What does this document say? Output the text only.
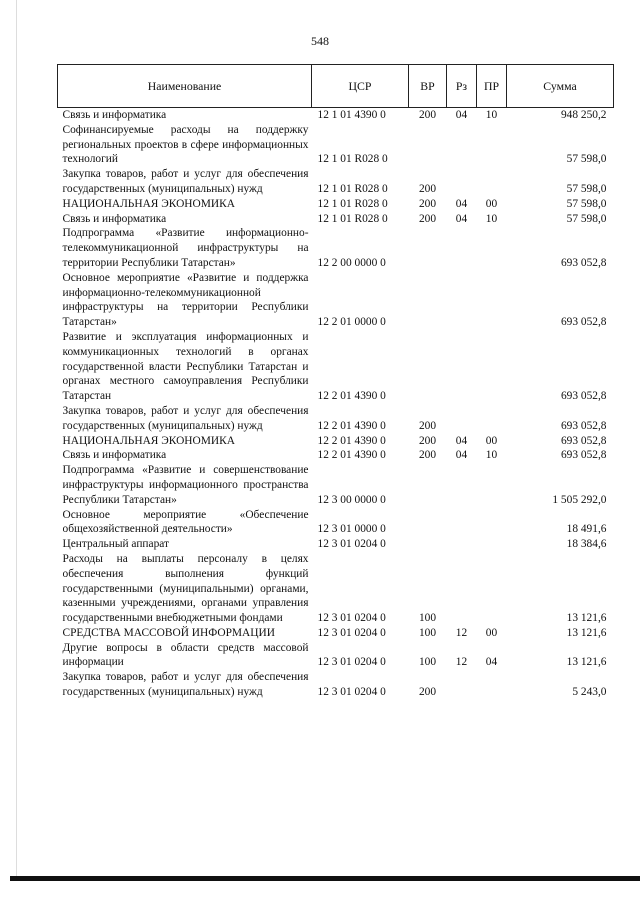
548
Наименование	ЦСР	ВР	Рз	ПР	Сумма
Связь и информатика	12 1 01 4390 0	200	04	10	948 250,2
Софинансируемые расходы на поддержку региональных проектов в сфере информационных технологий	12 1 01 R028 0				57 598,0
Закупка товаров, работ и услуг для обеспечения государственных (муниципальных) нужд	12 1 01 R028 0	200			57 598,0
НАЦИОНАЛЬНАЯ ЭКОНОМИКА	12 1 01 R028 0	200	04	00	57 598,0
Связь и информатика	12 1 01 R028 0	200	04	10	57 598,0
Подпрограмма «Развитие информационно-телекоммуникационной инфраструктуры на территории Республики Татарстан»	12 2 00 0000 0				693 052,8
Основное мероприятие «Развитие и поддержка информационно-телекоммуникационной инфраструктуры на территории Республики Татарстан»	12 2 01 0000 0				693 052,8
Развитие и эксплуатация информационных и коммуникационных технологий в органах государственной власти Республики Татарстан и органах местного самоуправления Республики Татарстан	12 2 01 4390 0				693 052,8
Закупка товаров, работ и услуг для обеспечения государственных (муниципальных) нужд	12 2 01 4390 0	200			693 052,8
НАЦИОНАЛЬНАЯ ЭКОНОМИКА	12 2 01 4390 0	200	04	00	693 052,8
Связь и информатика	12 2 01 4390 0	200	04	10	693 052,8
Подпрограмма «Развитие и совершенствование инфраструктуры информационного пространства Республики Татарстан»	12 3 00 0000 0				1 505 292,0
Основное мероприятие «Обеспечение общехозяйственной деятельности»	12 3 01 0000 0				18 491,6
Центральный аппарат	12 3 01 0204 0				18 384,6
Расходы на выплаты персоналу в целях обеспечения выполнения функций государственными (муниципальными) органами, казенными учреждениями, органами управления государственными внебюджетными фондами	12 3 01 0204 0	100			13 121,6
СРЕДСТВА МАССОВОЙ ИНФОРМАЦИИ	12 3 01 0204 0	100	12	00	13 121,6
Другие вопросы в области средств массовой информации	12 3 01 0204 0	100	12	04	13 121,6
Закупка товаров, работ и услуг для обеспечения государственных (муниципальных) нужд	12 3 01 0204 0	200			5 243,0
